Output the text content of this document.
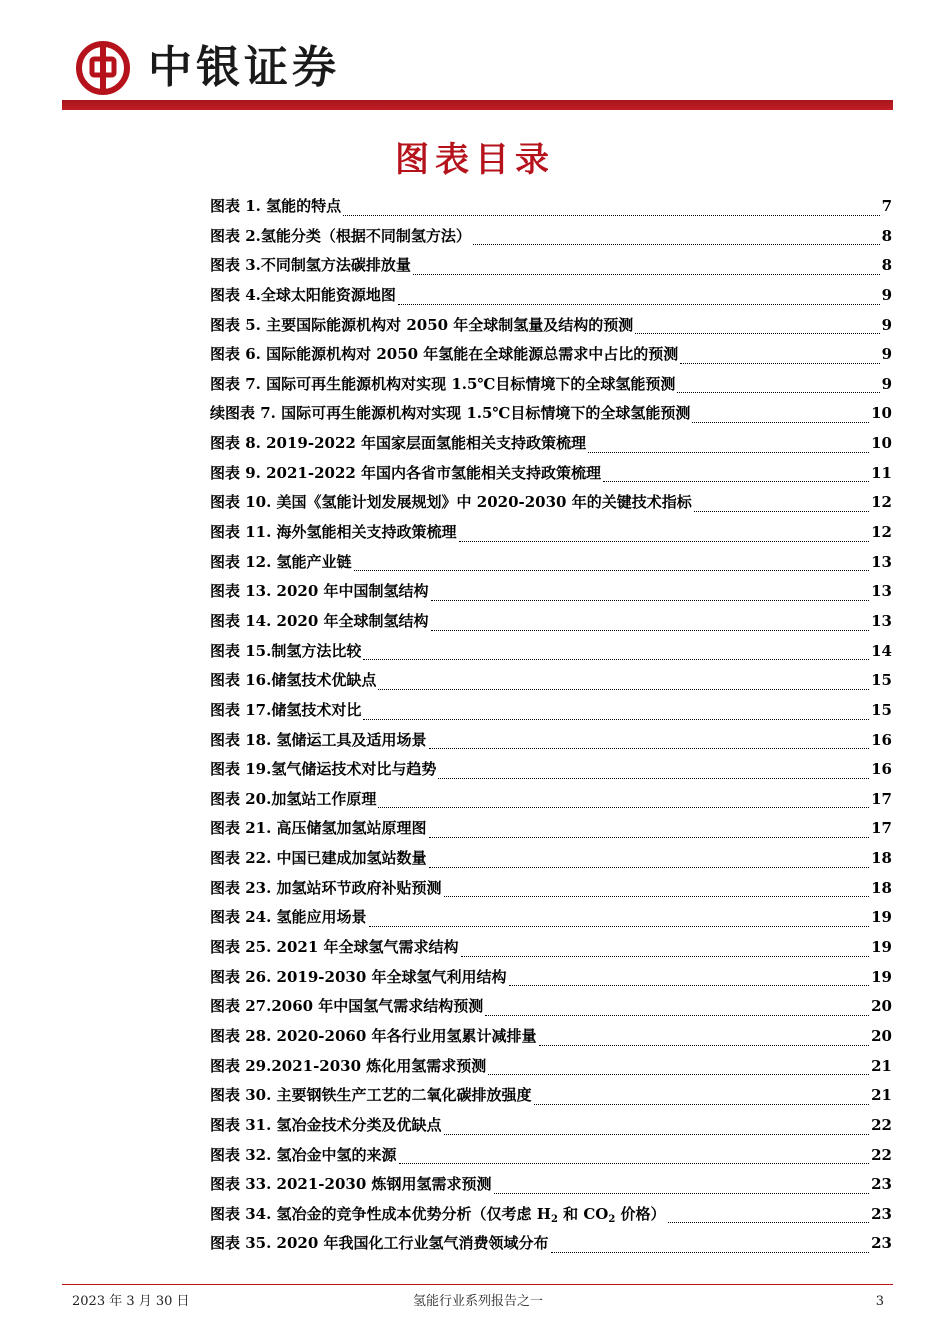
中银证券
图表目录
图表 1. 氢能的特点	7
图表 2.氢能分类（根据不同制氢方法）	8
图表 3.不同制氢方法碳排放量	8
图表 4.全球太阳能资源地图	9
图表 5. 主要国际能源机构对 2050 年全球制氢量及结构的预测	9
图表 6. 国际能源机构对 2050 年氢能在全球能源总需求中占比的预测	9
图表 7. 国际可再生能源机构对实现 1.5℃目标情境下的全球氢能预测	9
续图表 7. 国际可再生能源机构对实现 1.5℃目标情境下的全球氢能预测	10
图表 8. 2019-2022 年国家层面氢能相关支持政策梳理	10
图表 9. 2021-2022 年国内各省市氢能相关支持政策梳理	11
图表 10. 美国《氢能计划发展规划》中 2020-2030 年的关键技术指标	12
图表 11. 海外氢能相关支持政策梳理	12
图表 12. 氢能产业链	13
图表 13. 2020 年中国制氢结构	13
图表 14. 2020 年全球制氢结构	13
图表 15.制氢方法比较	14
图表 16.储氢技术优缺点	15
图表 17.储氢技术对比	15
图表 18. 氢储运工具及适用场景	16
图表 19.氢气储运技术对比与趋势	16
图表 20.加氢站工作原理	17
图表 21. 高压储氢加氢站原理图	17
图表 22. 中国已建成加氢站数量	18
图表 23. 加氢站环节政府补贴预测	18
图表 24. 氢能应用场景	19
图表 25. 2021 年全球氢气需求结构	19
图表 26. 2019-2030 年全球氢气利用结构	19
图表 27.2060 年中国氢气需求结构预测	20
图表 28. 2020-2060 年各行业用氢累计减排量	20
图表 29.2021-2030 炼化用氢需求预测	21
图表 30. 主要钢铁生产工艺的二氧化碳排放强度	21
图表 31. 氢冶金技术分类及优缺点	22
图表 32. 氢冶金中氢的来源	22
图表 33. 2021-2030 炼钢用氢需求预测	23
图表 34. 氢冶金的竞争性成本优势分析（仅考虑 $H_2$ 和 $CO_2$ 价格）	23
图表 35. 2020 年我国化工行业氢气消费领域分布	23
2023 年 3 月 30 日	氢能行业系列报告之一	3
